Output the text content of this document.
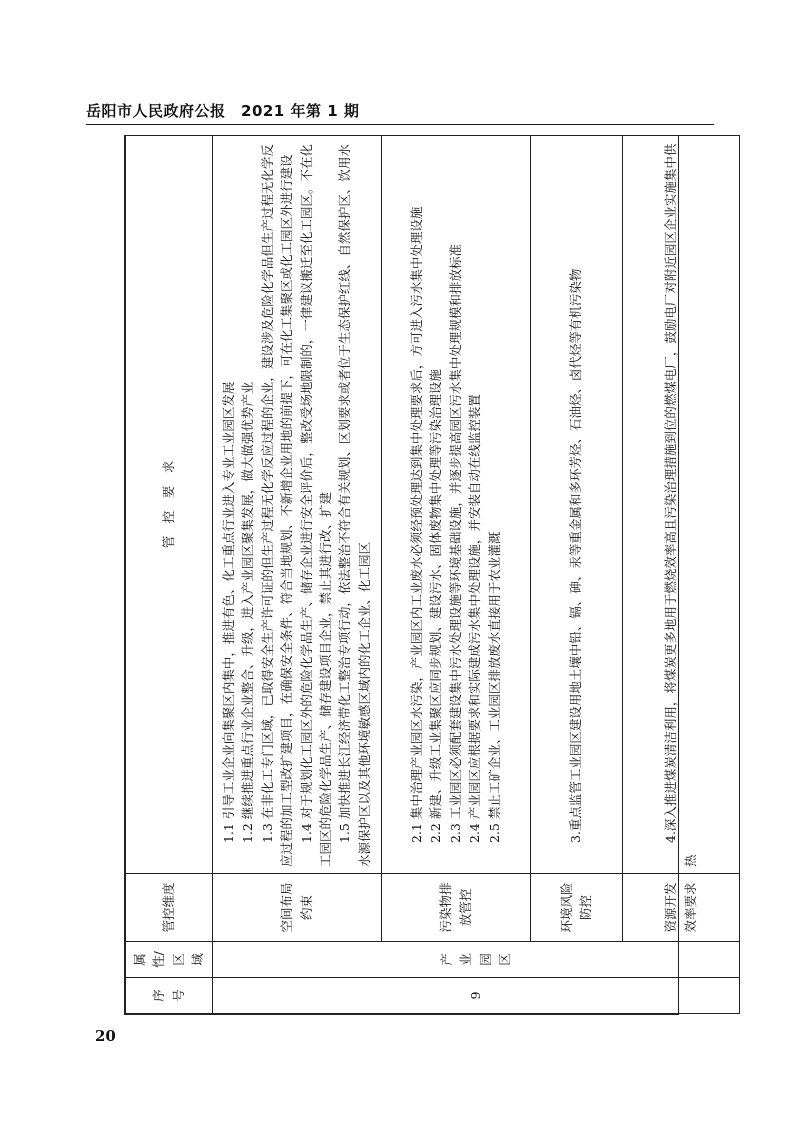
岳阳市人民政府公报　2021 年第 1 期
序号	属性/区域	管控维度	管　控　要　求
9	产业园区	空间布局约束	1.1 引导工业企业向集聚区内集中，推进有色、化工重点行业进入专业工业园区发展 1.2 继续推进重点行业企业整合、升级，进入产业园区聚集发展，做大做强优势产业 1.3 在非化工专门区域，已取得安全生产许可证的但生产过程无化学反应过程的企业，建设涉及危险化学品但生产过程无化学反应过程的加工型改扩建项目，在确保安全条件、符合当地规划、不新增企业用地的前提下，可在化工集聚区或化工园区外进行建设 1.4 对于规划化工园区外的危险化学品生产、储存企业进行安全评价后，整改受场地限制的，一律建议搬迁至化工园区。不在化工园区的危险化学品生产、储存建设项目企业，禁止其进行改、扩建 1.5 加快推进长江经济带化工整治专项行动，依法整治不符合有关规划、区划要求或者位于生态保护红线、自然保护区、饮用水水源保护区以及其他环境敏感区域内的化工企业、化工园区

		污染物排放管控	2.1 集中治理产业园区水污染，产业园区内工业废水必须经预处理达到集中处理要求后，方可进入污水集中处理设施 2.2 新建、升级工业集聚区应同步规划、建设污水、固体废物集中处理等污染治理设施 2.3 工业园区必须配套建设集中污水处理设施等环境基础设施，并逐步提高园区污水集中处理规模和排放标准 2.4 产业园区应根据要求和实际建成污水集中处理设施，并安装自动在线监控装置 2.5 禁止工矿企业、工业园区排放废水直接用于农业灌溉

		环境风险防控	3.重点监管工业园区建设用地土壤中铅、镉、砷、汞等重金属和多环芳烃、石油烃、卤代烃等有机污染物

		资源开发效率要求	4.深入推进煤炭清洁利用，将煤炭更多地用于燃烧效率高且污染治理措施到位的燃煤电厂，鼓励电厂对附近园区企业实施集中供热

20
